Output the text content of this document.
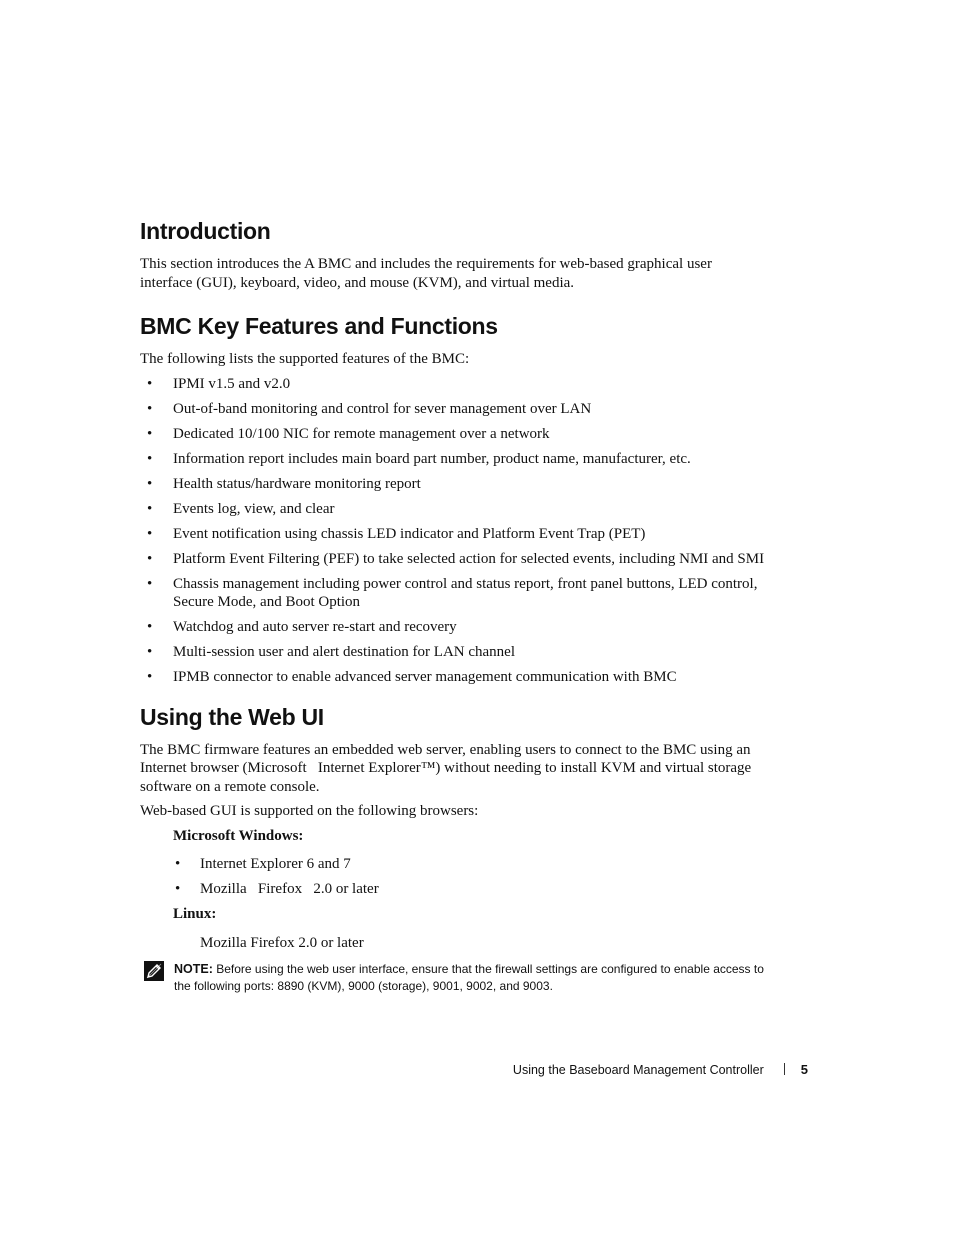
Introduction

This section introduces the A BMC and includes the requirements for web-based graphical user interface (GUI), keyboard, video, and mouse (KVM), and virtual media.

BMC Key Features and Functions

The following lists the supported features of the BMC:

• IPMI v1.5 and v2.0
• Out-of-band monitoring and control for sever management over LAN
• Dedicated 10/100 NIC for remote management over a network
• Information report includes main board part number, product name, manufacturer, etc.
• Health status/hardware monitoring report
• Events log, view, and clear
• Event notification using chassis LED indicator and Platform Event Trap (PET)
• Platform Event Filtering (PEF) to take selected action for selected events, including NMI and SMI
• Chassis management including power control and status report, front panel buttons, LED control, Secure Mode, and Boot Option
• Watchdog and auto server re-start and recovery
• Multi-session user and alert destination for LAN channel
• IPMB connector to enable advanced server management communication with BMC
Using the Web UI

The BMC firmware features an embedded web server, enabling users to connect to the BMC using an Internet browser (Microsoft   Internet Explorer™) without needing to install KVM and virtual storage software on a remote console.

Web-based GUI is supported on the following browsers:

Microsoft Windows:

• Internet Explorer 6 and 7
• Mozilla   Firefox   2.0 or later

Linux:

Mozilla Firefox 2.0 or later
NOTE: Before using the web user interface, ensure that the firewall settings are configured to enable access to the following ports: 8890 (KVM), 9000 (storage), 9001, 9002, and 9003.
Using the Baseboard Management Controller	5
